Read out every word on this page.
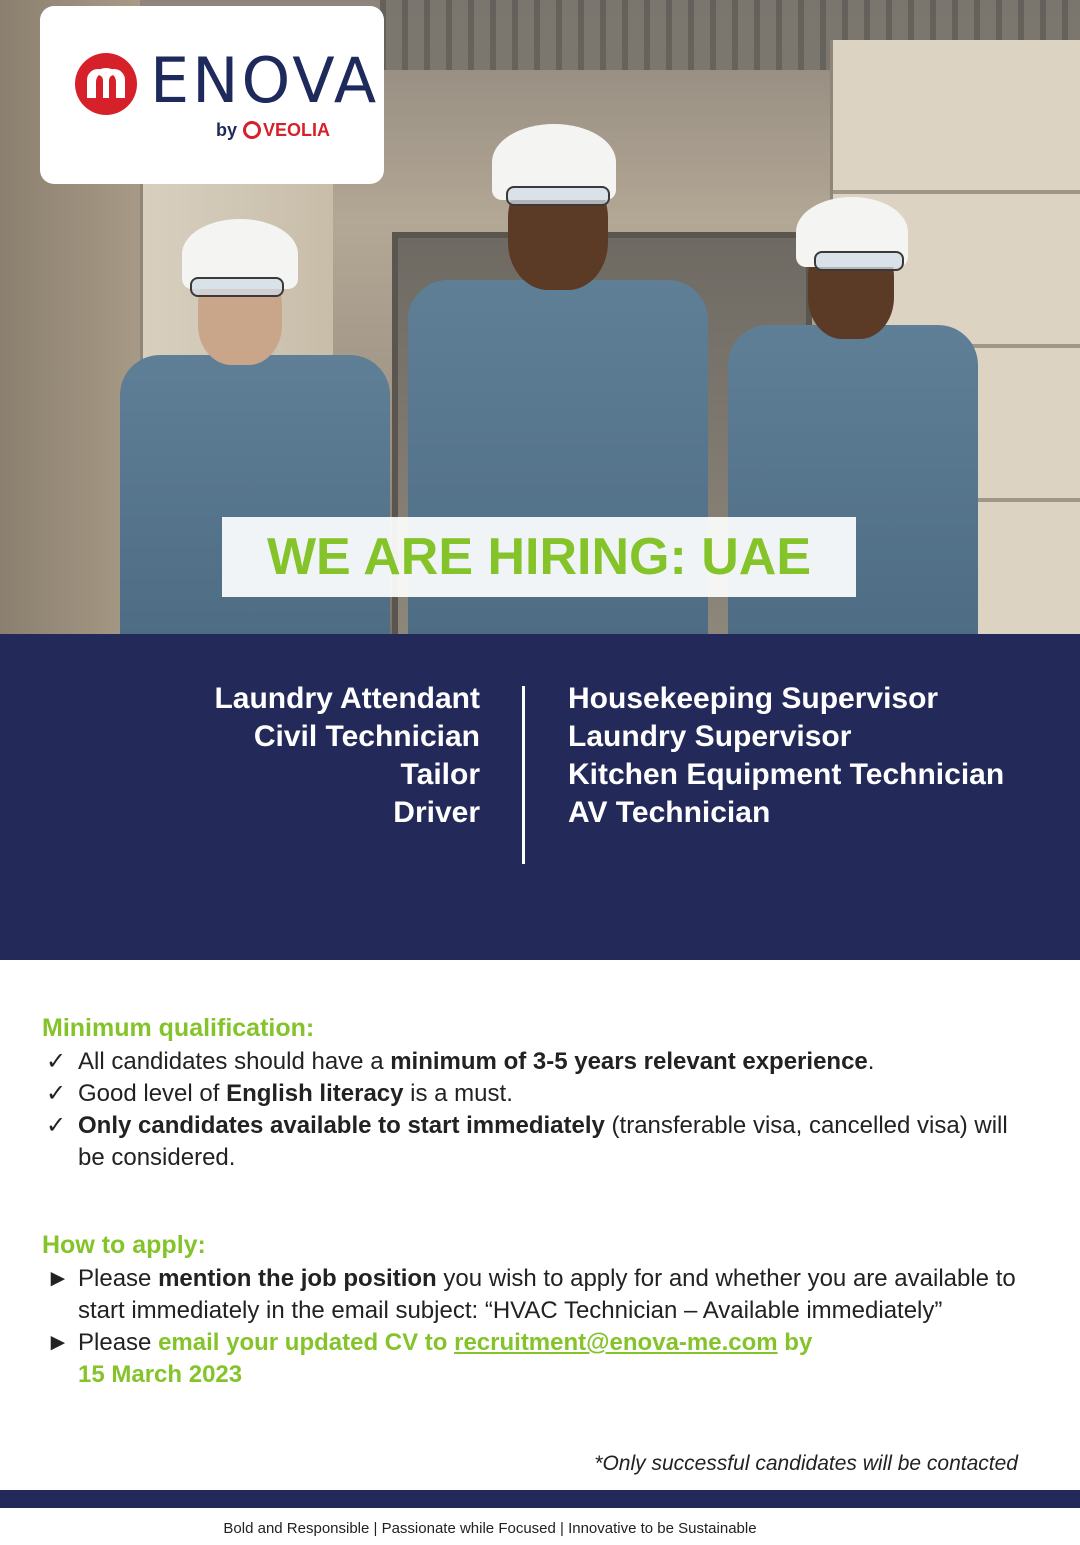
ENOVA
by VEOLIA
WE ARE HIRING: UAE
Laundry Attendant
Civil Technician
Tailor
Driver
Housekeeping Supervisor
Laundry Supervisor
Kitchen Equipment Technician
AV Technician
Minimum qualification:
✓ All candidates should have a minimum of 3-5 years relevant experience.
✓ Good level of English literacy is a must.
✓ Only candidates available to start immediately (transferable visa, cancelled visa) will be considered.
How to apply:
► Please mention the job position you wish to apply for and whether you are available to start immediately in the email subject: “HVAC Technician – Available immediately”
► Please email your updated CV to recruitment@enova-me.com by
15 March 2023
*Only successful candidates will be contacted
Bold and Responsible | Passionate while Focused | Innovative to be Sustainable
